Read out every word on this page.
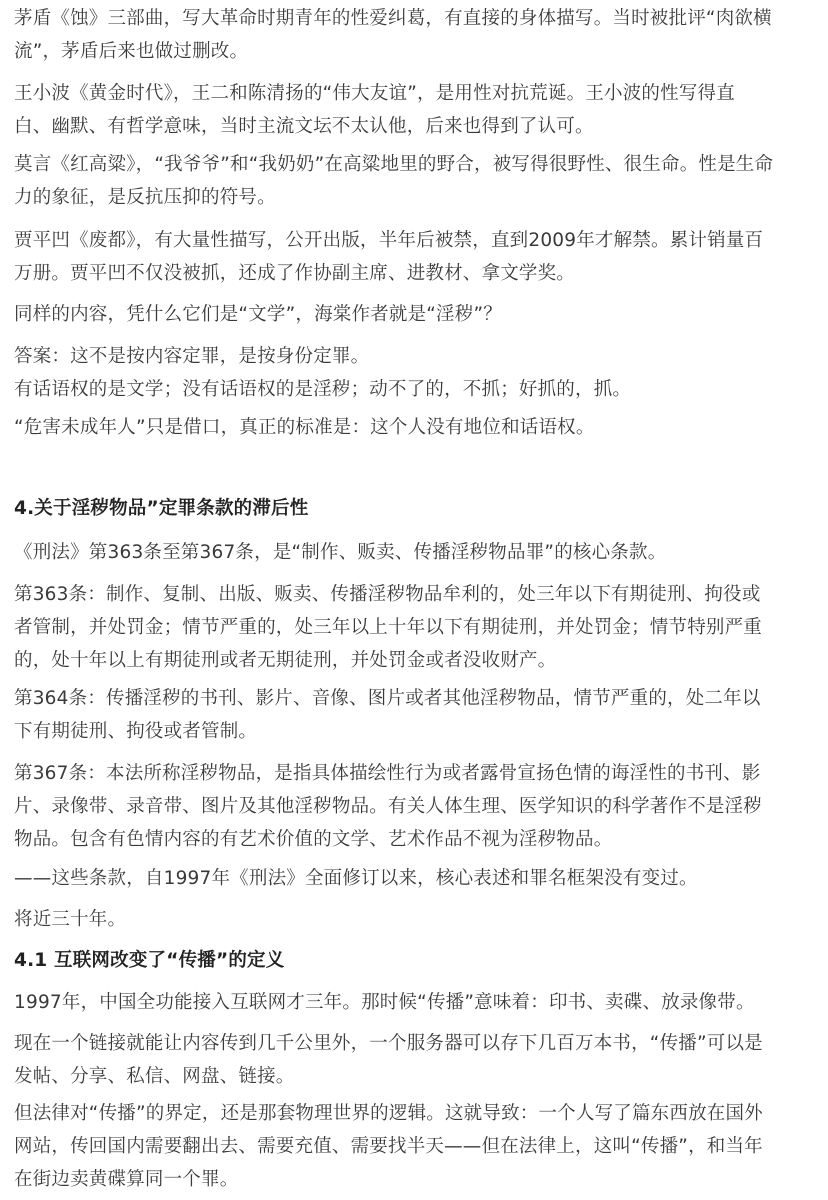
茅盾《蚀》三部曲，写大革命时期青年的性爱纠葛，有直接的身体描写。当时被批评“肉欲横
流”，茅盾后来也做过删改。

王小波《黄金时代》，王二和陈清扬的“伟大友谊”，是用性对抗荒诞。王小波的性写得直
白、幽默、有哲学意味，当时主流文坛不太认他，后来也得到了认可。

莫言《红高粱》，“我爷爷”和“我奶奶”在高粱地里的野合，被写得很野性、很生命。性是生命
力的象征，是反抗压抑的符号。

贾平凹《废都》，有大量性描写，公开出版，半年后被禁，直到2009年才解禁。累计销量百
万册。贾平凹不仅没被抓，还成了作协副主席、进教材、拿文学奖。

同样的内容，凭什么它们是“文学”，海棠作者就是“淫秽”？

答案：这不是按内容定罪，是按身份定罪。
有话语权的是文学；没有话语权的是淫秽；动不了的，不抓；好抓的，抓。

“危害未成年人”只是借口，真正的标准是：这个人没有地位和话语权。

4.关于淫秽物品”定罪条款的滞后性

《刑法》第363条至第367条，是“制作、贩卖、传播淫秽物品罪”的核心条款。

第363条：制作、复制、出版、贩卖、传播淫秽物品牟利的，处三年以下有期徒刑、拘役或
者管制，并处罚金；情节严重的，处三年以上十年以下有期徒刑，并处罚金；情节特别严重
的，处十年以上有期徒刑或者无期徒刑，并处罚金或者没收财产。

第364条：传播淫秽的书刊、影片、音像、图片或者其他淫秽物品，情节严重的，处二年以
下有期徒刑、拘役或者管制。

第367条：本法所称淫秽物品，是指具体描绘性行为或者露骨宣扬色情的诲淫性的书刊、影
片、录像带、录音带、图片及其他淫秽物品。有关人体生理、医学知识的科学著作不是淫秽
物品。包含有色情内容的有艺术价值的文学、艺术作品不视为淫秽物品。

——这些条款，自1997年《刑法》全面修订以来，核心表述和罪名框架没有变过。

将近三十年。

4.1 互联网改变了“传播”的定义

1997年，中国全功能接入互联网才三年。那时候“传播”意味着：印书、卖碟、放录像带。

现在一个链接就能让内容传到几千公里外，一个服务器可以存下几百万本书，“传播”可以是
发帖、分享、私信、网盘、链接。

但法律对“传播”的界定，还是那套物理世界的逻辑。这就导致：一个人写了篇东西放在国外
网站，传回国内需要翻出去、需要充值、需要找半天——但在法律上，这叫“传播”，和当年
在街边卖黄碟算同一个罪。
